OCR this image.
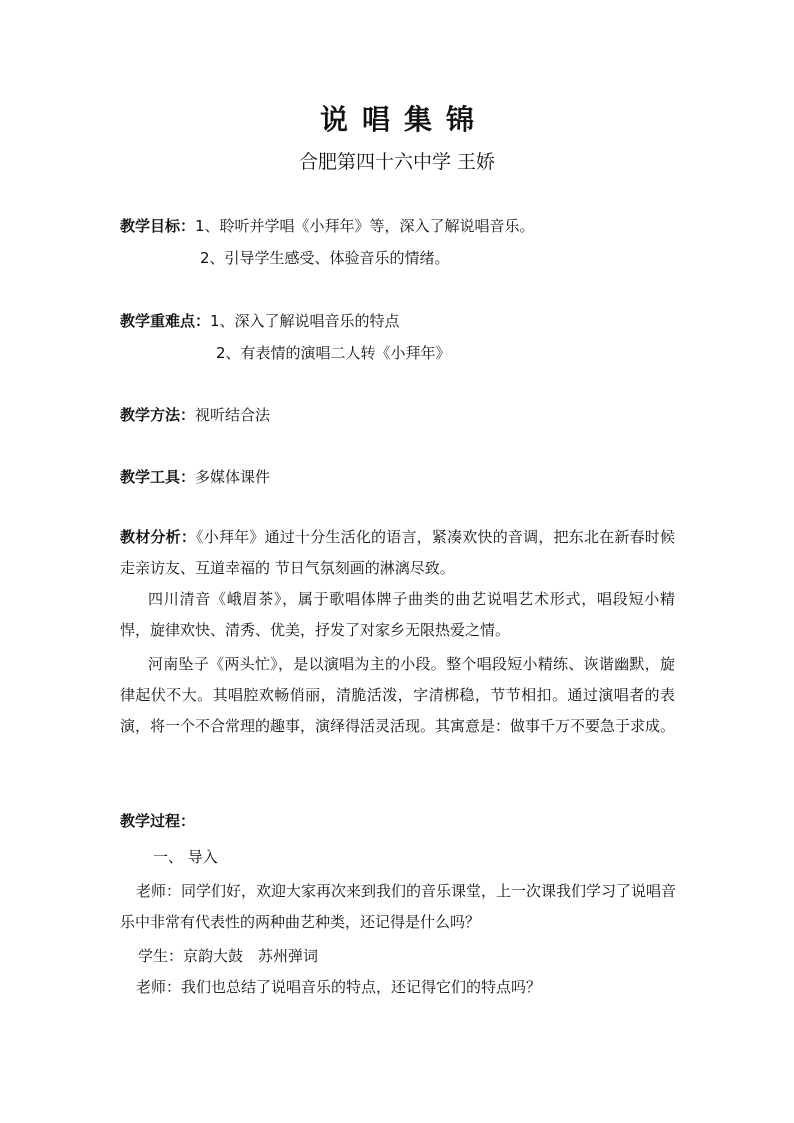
说唱集锦
合肥第四十六中学 王娇
教学目标：1、聆听并学唱《小拜年》等，深入了解说唱音乐。
2、引导学生感受、体验音乐的情绪。
教学重难点：1、深入了解说唱音乐的特点
2、有表情的演唱二人转《小拜年》
教学方法：视听结合法
教学工具：多媒体课件
教材分析：《小拜年》通过十分生活化的语言，紧凑欢快的音调，把东北在新春时候走亲访友、互道幸福的 节日气氛刻画的淋漓尽致。
四川清音《峨眉茶》，属于歌唱体牌子曲类的曲艺说唱艺术形式，唱段短小精悍，旋律欢快、清秀、优美，抒发了对家乡无限热爱之情。
河南坠子《两头忙》，是以演唱为主的小段。整个唱段短小精练、诙谐幽默，旋律起伏不大。其唱腔欢畅俏丽，清脆活泼，字清梆稳，节节相扣。通过演唱者的表演，将一个不合常理的趣事，演绎得活灵活现。其寓意是：做事千万不要急于求成。
教学过程：
一、 导入
老师：同学们好，欢迎大家再次来到我们的音乐课堂，上一次课我们学习了说唱音乐中非常有代表性的两种曲艺种类，还记得是什么吗？
学生：京韵大鼓　苏州弹词
老师：我们也总结了说唱音乐的特点，还记得它们的特点吗？
